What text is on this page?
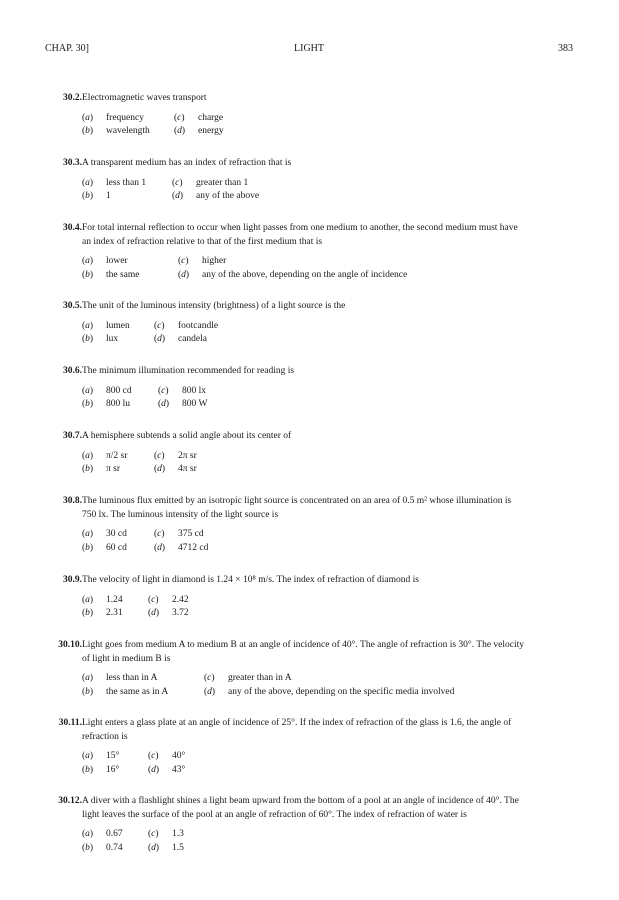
CHAP. 30]	LIGHT	383
30.2. Electromagnetic waves transport

(a)	frequency	(c)	charge
(b)	wavelength	(d)	energy
30.3. A transparent medium has an index of refraction that is

(a)	less than 1	(c)	greater than 1
(b)	1	(d)	any of the above
30.4. For total internal reflection to occur when light passes from one medium to another, the second medium must have

an index of refraction relative to that of the first medium that is

(a)	lower	(c)	higher
(b)	the same	(d)	any of the above, depending on the angle of incidence
30.5. The unit of the luminous intensity (brightness) of a light source is the

(a)	lumen	(c)	footcandle
(b)	lux	(d)	candela
30.6. The minimum illumination recommended for reading is

(a)	800 cd	(c)	800 lx
(b)	800 lu	(d)	800 W
30.7. A hemisphere subtends a solid angle about its center of

(a)	π/2 sr	(c)	2π sr
(b)	π sr	(d)	4π sr
30.8. The luminous flux emitted by an isotropic light source is concentrated on an area of 0.5 m² whose illumination is

750 lx. The luminous intensity of the light source is

(a)	30 cd	(c)	375 cd
(b)	60 cd	(d)	4712 cd
30.9. The velocity of light in diamond is 1.24 × 10⁸ m/s. The index of refraction of diamond is

(a)	1.24	(c)	2.42
(b)	2.31	(d)	3.72
30.10. Light goes from medium A to medium B at an angle of incidence of 40°. The angle of refraction is 30°. The velocity

of light in medium B is

(a)	less than in A	(c)	greater than in A
(b)	the same as in A	(d)	any of the above, depending on the specific media involved
30.11. Light enters a glass plate at an angle of incidence of 25°. If the index of refraction of the glass is 1.6, the angle of

refraction is

(a)	15°	(c)	40°
(b)	16°	(d)	43°
30.12. A diver with a flashlight shines a light beam upward from the bottom of a pool at an angle of incidence of 40°. The

light leaves the surface of the pool at an angle of refraction of 60°. The index of refraction of water is

(a)	0.67	(c)	1.3
(b)	0.74	(d)	1.5
